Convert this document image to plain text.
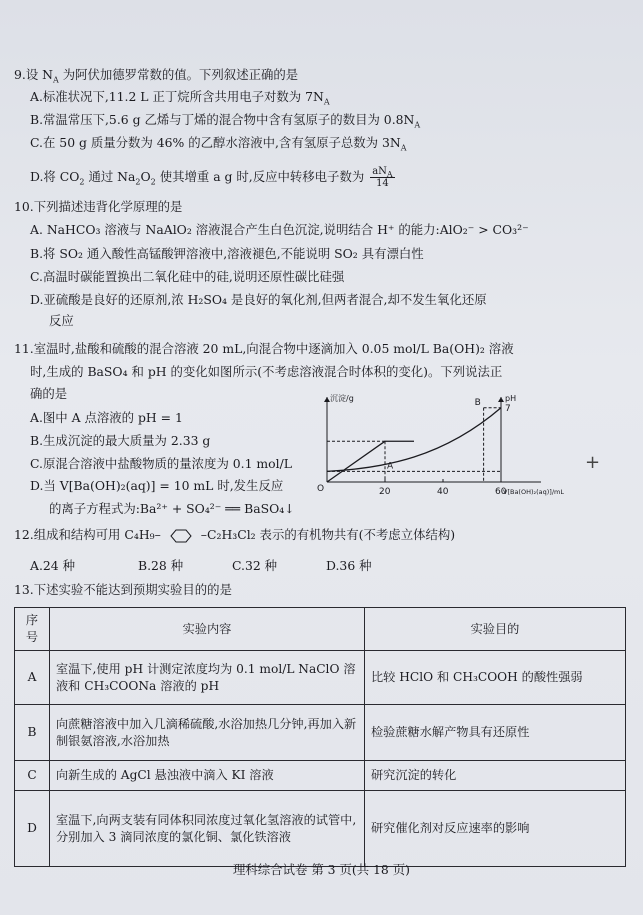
9.设 $N_A$ 为阿伏加德罗常数的值。下列叙述正确的是
A.标准状况下,11.2 L 正丁烷所含共用电子对数为 $7N_A$
B.常温常压下,5.6 g 乙烯与丁烯的混合物中含有氢原子的数目为 $0.8N_A$
C.在 50 g 质量分数为 46% 的乙醇水溶液中,含有氢原子总数为 $3N_A$
D.将 $CO_2$ 通过 $Na_2O_2$ 使其增重 a g 时,反应中转移电子数为 $\frac{aN_A}{14}$
10.下列描述违背化学原理的是
A. NaHCO₃ 溶液与 NaAlO₂ 溶液混合产生白色沉淀,说明结合 H⁺ 的能力:AlO₂⁻ > CO₃²⁻
B.将 SO₂ 通入酸性高锰酸钾溶液中,溶液褪色,不能说明 SO₂ 具有漂白性
C.高温时碳能置换出二氧化硅中的硅,说明还原性碳比硅强
D.亚硫酸是良好的还原剂,浓 H₂SO₄ 是良好的氧化剂,但两者混合,却不发生氧化还原
反应
11.室温时,盐酸和硫酸的混合溶液 20 mL,向混合物中逐滴加入 0.05 mol/L Ba(OH)₂ 溶液
时,生成的 BaSO₄ 和 pH 的变化如图所示(不考虑溶液混合时体积的变化)。下列说法正
确的是
A.图中 A 点溶液的 pH = 1
B.生成沉淀的最大质量为 2.33 g
C.原混合溶液中盐酸物质的量浓度为 0.1 mol/L
D.当 V[Ba(OH)₂(aq)] = 10 mL 时,发生反应
的离子方程式为:Ba²⁺ + SO₄²⁻ ══ BaSO₄↓
沉淀/g	pH
O	20	40	60
V[Ba(OH)₂(aq)]/mL
7
A
B
+
12.组成和结构可用 C₄H₉–	–C₂H₃Cl₂ 表示的有机物共有(不考虑立体结构)
A.24 种	B.28 种	C.32 种	D.36 种
13.下述实验不能达到预期实验目的的是
序号	实验内容	实验目的
A	室温下,使用 pH 计测定浓度均为 0.1 mol/L NaClO 溶液和 CH₃COONa 溶液的 pH	比较 HClO 和 CH₃COOH 的酸性强弱
B	向蔗糖溶液中加入几滴稀硫酸,水浴加热几分钟,再加入新制银氨溶液,水浴加热	检验蔗糖水解产物具有还原性
C	向新生成的 AgCl 悬浊液中滴入 KI 溶液	研究沉淀的转化
D	室温下,向两支装有同体积同浓度过氧化氢溶液的试管中,分别加入 3 滴同浓度的氯化铜、氯化铁溶液	研究催化剂对反应速率的影响
理科综合试卷 第 3 页(共 18 页)
